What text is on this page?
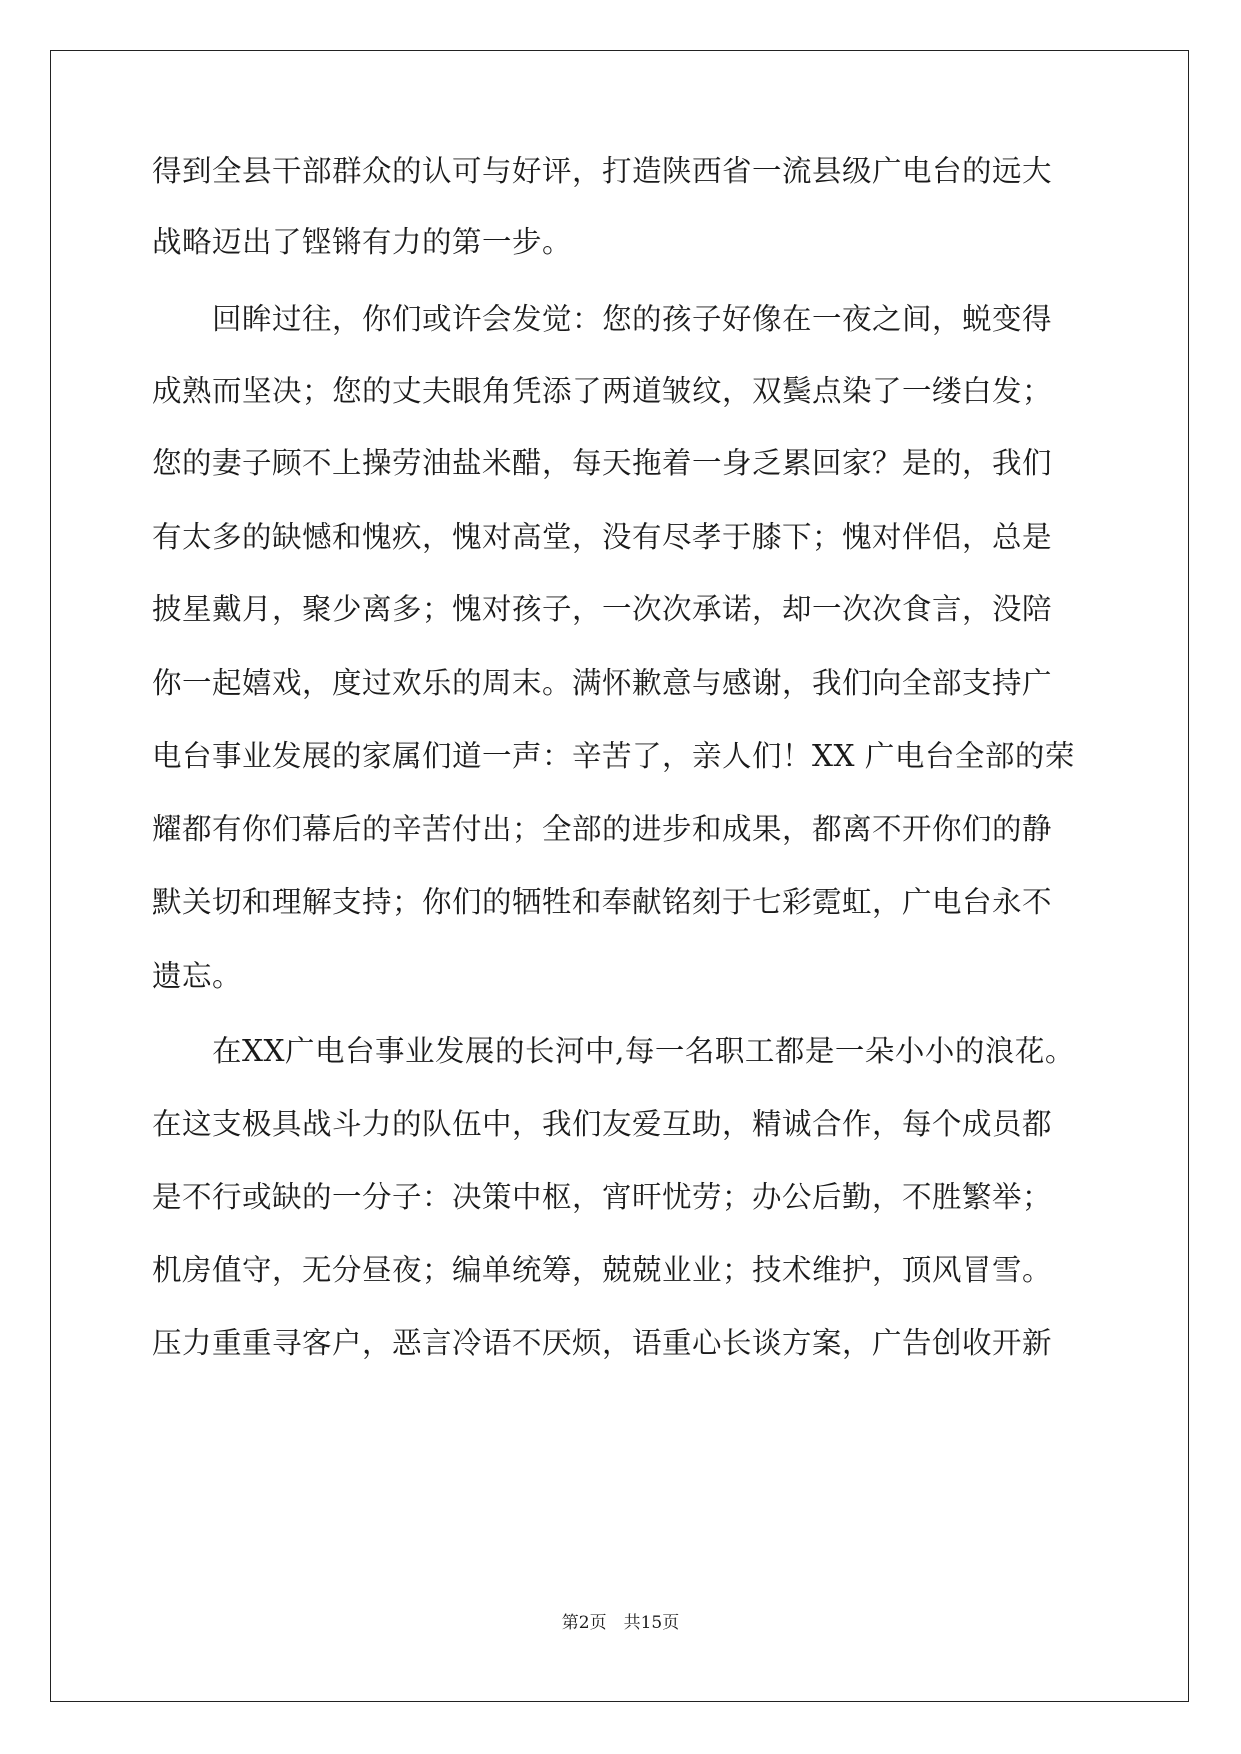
得到全县干部群众的认可与好评，打造陕西省一流县级广电台的远大
战略迈出了铿锵有力的第一步。
　　回眸过往，你们或许会发觉：您的孩子好像在一夜之间，蜕变得
成熟而坚决；您的丈夫眼角凭添了两道皱纹，双鬓点染了一缕白发；
您的妻子顾不上操劳油盐米醋，每天拖着一身乏累回家？是的，我们
有太多的缺憾和愧疚，愧对高堂，没有尽孝于膝下；愧对伴侣，总是
披星戴月，聚少离多；愧对孩子，一次次承诺，却一次次食言，没陪
你一起嬉戏，度过欢乐的周末。满怀歉意与感谢，我们向全部支持广
电台事业发展的家属们道一声：辛苦了，亲人们！XX 广电台全部的荣
耀都有你们幕后的辛苦付出；全部的进步和成果，都离不开你们的静
默关切和理解支持；你们的牺牲和奉献铭刻于七彩霓虹，广电台永不
遗忘。
　　在XX广电台事业发展的长河中,每一名职工都是一朵小小的浪花。
在这支极具战斗力的队伍中，我们友爱互助，精诚合作，每个成员都
是不行或缺的一分子：决策中枢，宵旰忧劳；办公后勤，不胜繁举；
机房值守，无分昼夜；编单统筹，兢兢业业；技术维护，顶风冒雪。
压力重重寻客户，恶言冷语不厌烦，语重心长谈方案，广告创收开新
第2页　共15页
